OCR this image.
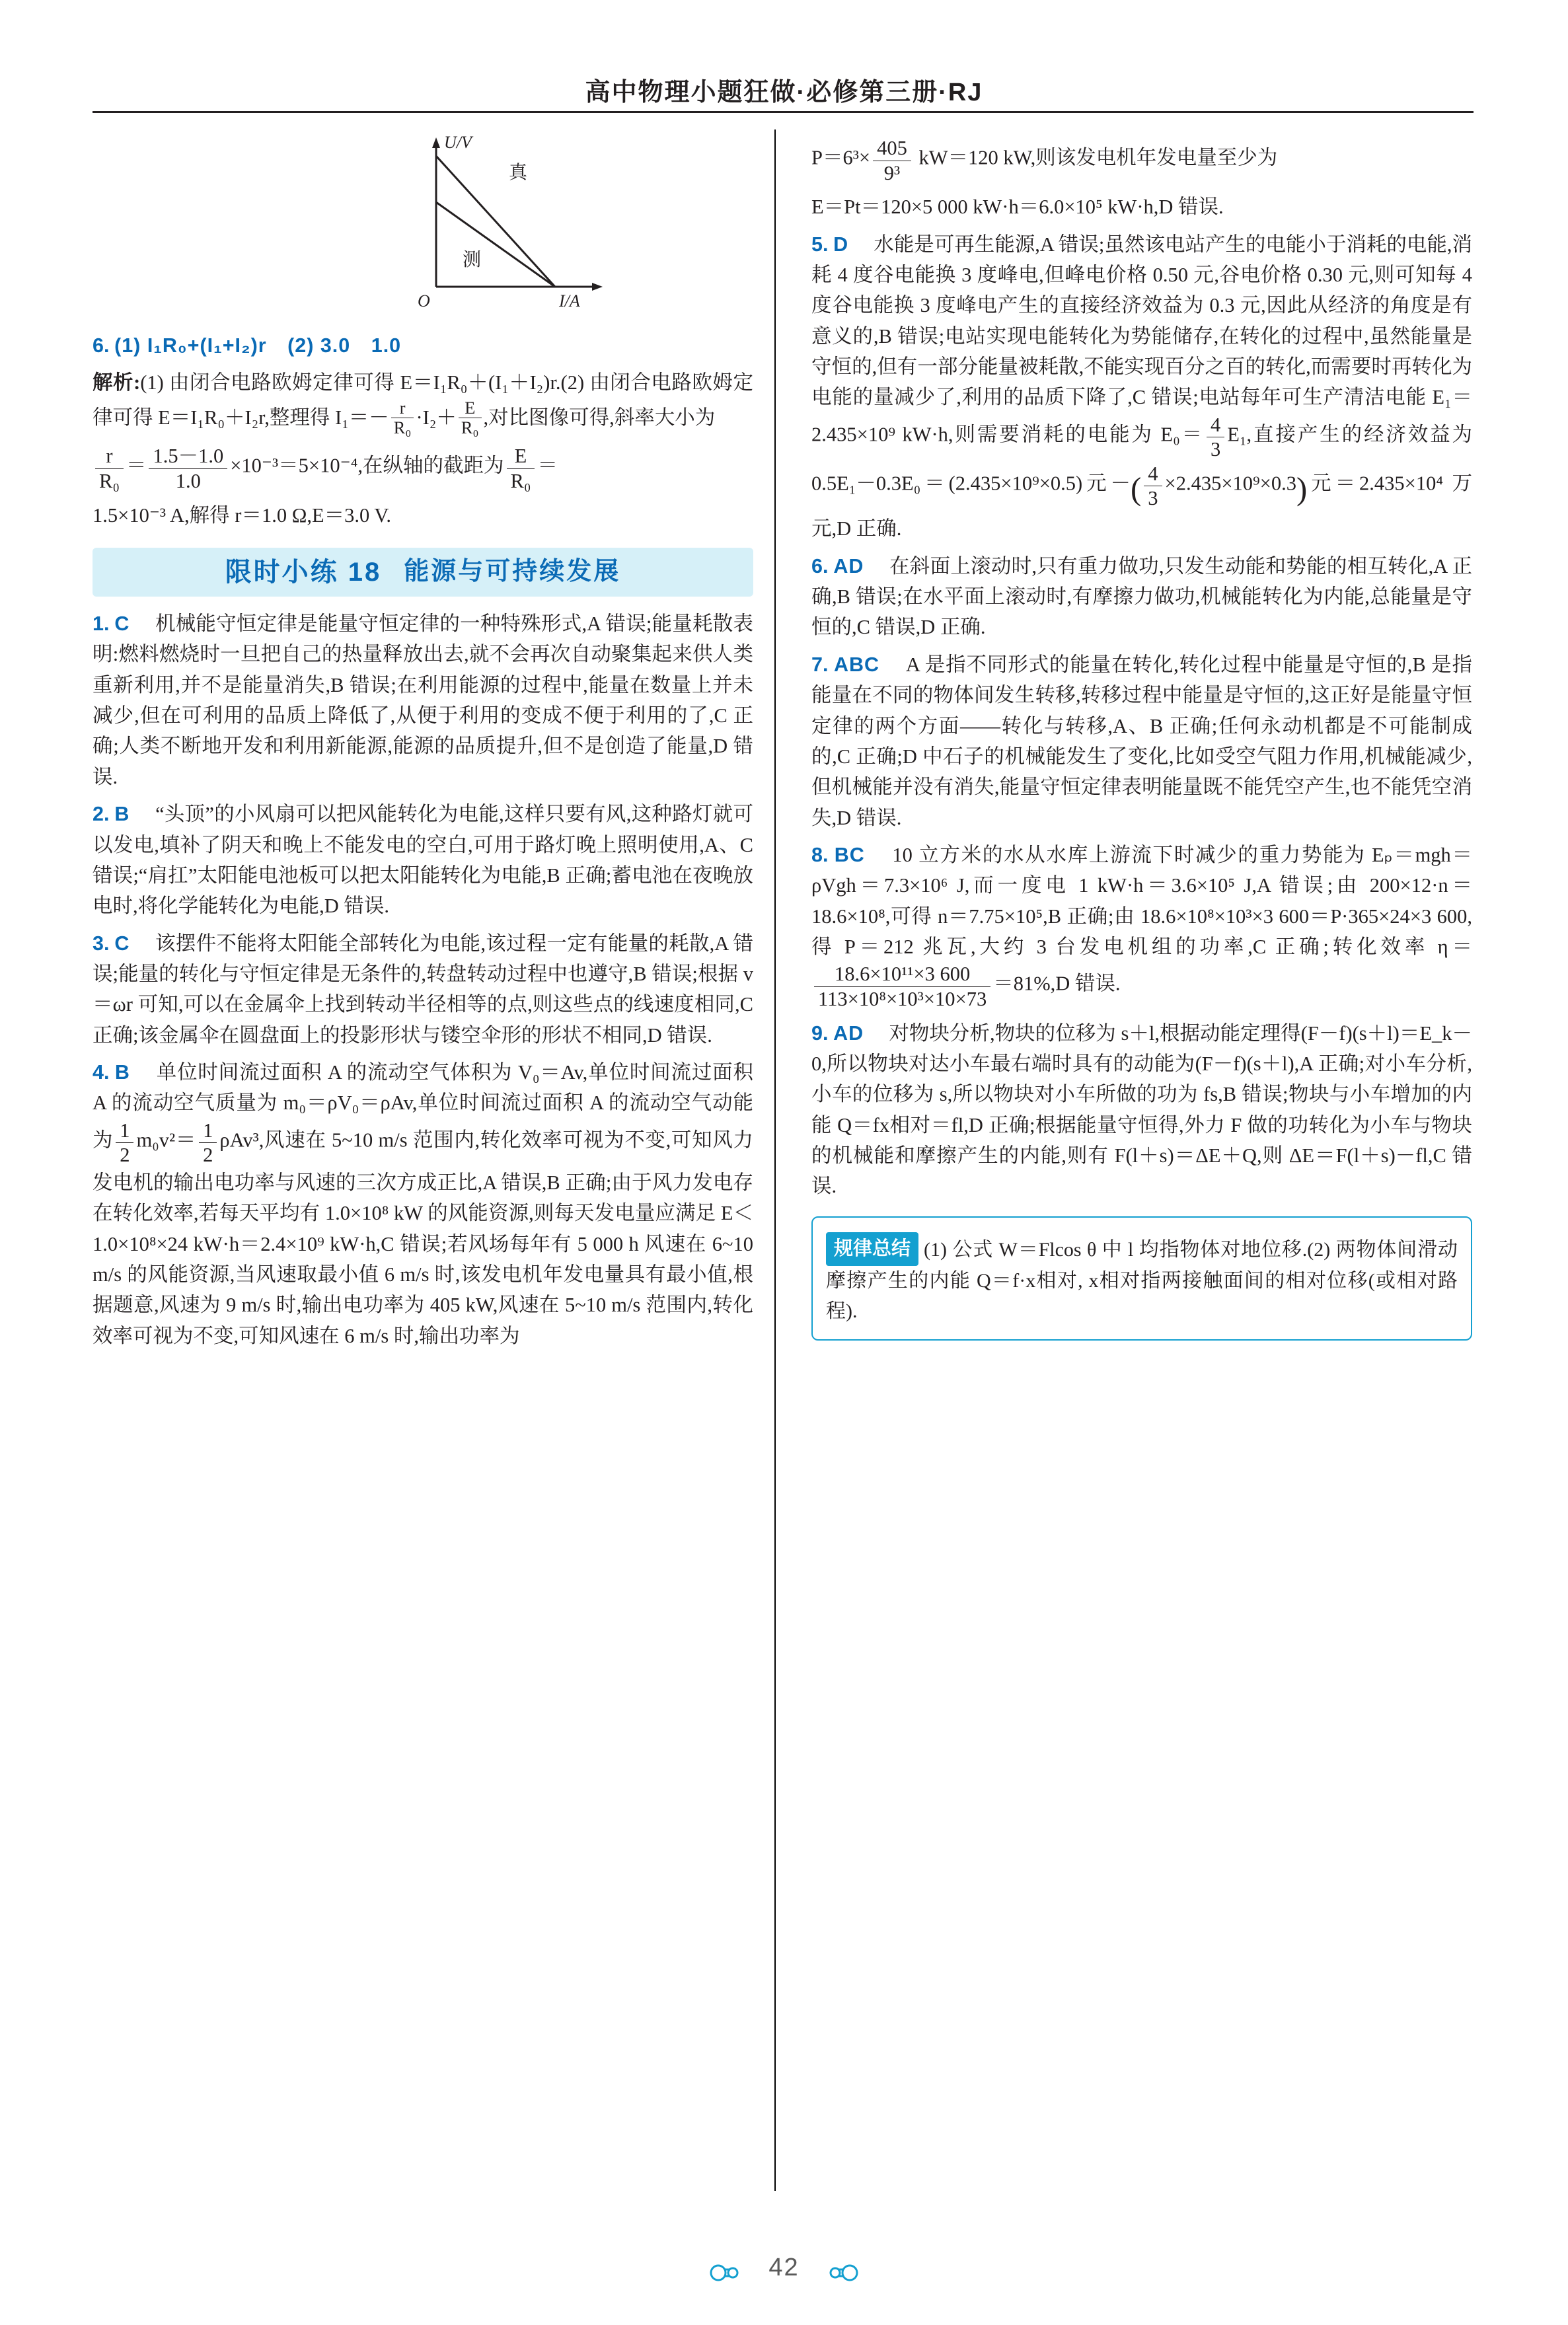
高中物理小题狂做·必修第三册·RJ
U/V
真
测
O	I/A

6. (1) I₁R₀+(I₁+I₂)r　(2) 3.0　1.0

解析:(1) 由闭合电路欧姆定律可得 E＝I₁R₀＋(I₁＋I₂)r.(2) 由闭合电路欧姆定律可得 E＝I₁R₀＋I₂r,整理得 $I_1=- \frac{r}{\text{R₀}} \cdot I_2+ \frac{E}{\text{R₀}}$ ,对比图像可得,斜率大小为

$\frac{r}{\text{R₀}} = \frac{1.5-1.0}{1.0} \times 10^{-3}=5\times 10^{-4}$,在纵轴的截距为 $\frac{E}{\text{R₀}}$ ＝

1.5×10⁻³ A,解得 r＝1.0 Ω,E＝3.0 V.

限时小练 18 能源与可持续发展

1. C 　 机械能守恒定律是能量守恒定律的一种特殊形式,A 错误;能量耗散表明:燃料燃烧时一旦把自己的热量释放出去,就不会再次自动聚集起来供人类重新利用,并不是能量消失,B 错误;在利用能源的过程中,能量在数量上并未减少,但在可利用的品质上降低了,从便于利用的变成不便于利用的了,C 正确;人类不断地开发和利用新能源,能源的品质提升,但不是创造了能量,D 错误.

2. B 　 “头顶”的小风扇可以把风能转化为电能,这样只要有风,这种路灯就可以发电,填补了阴天和晚上不能发电的空白,可用于路灯晚上照明使用,A、C 错误;“肩扛”太阳能电池板可以把太阳能转化为电能,B 正确;蓄电池在夜晚放电时,将化学能转化为电能,D 错误.

3. C 　 该摆件不能将太阳能全部转化为电能,该过程一定有能量的耗散,A 错误;能量的转化与守恒定律是无条件的,转盘转动过程中也遵守,B 错误;根据 v＝ωr 可知,可以在金属伞上找到转动半径相等的点,则这些点的线速度相同,C 正确;该金属伞在圆盘面上的投影形状与镂空伞形的形状不相同,D 错误.

4. B 　 单位时间流过面积 A 的流动空气体积为 V₀＝Av,单位时间流过面积 A 的流动空气质量为 m₀＝ρV₀＝ρAv,单位时间流过面积 A 的流动空气动能为 $\frac{1}{2} m_0v^2= \frac{1}{2} \rho Av^3$,风速在 5~10 m/s 范围内,转化效率可视为不变,可知风力发电机的输出电功率与风速的三次方成正比,A 错误,B 正确;由于风力发电存在转化效率,若每天平均有 1.0×10⁸ kW 的风能资源,则每天发电量应满足 E＜1.0×10⁸×24 kW·h＝2.4×10⁹ kW·h,C 错误;若风场每年有 5 000 h 风速在 6~10 m/s 的风能资源,当风速取最小值 6 m/s 时,该发电机年发电量具有最小值,根据题意,风速为 9 m/s 时,输出电功率为 405 kW,风速在 5~10 m/s 范围内,转化效率可视为不变,可知风速在 6 m/s 时,输出功率为

$P=6^3\times \frac{405}{\text{9³}} kW=120$ kW,则该发电机年发电量至少为

E＝Pt＝120×5 000 kW·h＝6.0×10⁵ kW·h,D 错误.

5. D 　 水能是可再生能源,A 错误;虽然该电站产生的电能小于消耗的电能,消耗 4 度谷电能换 3 度峰电,但峰电价格 0.50 元,谷电价格 0.30 元,则可知每 4 度谷电能换 3 度峰电产生的直接经济效益为 0.3 元,因此从经济的角度是有意义的,B 错误;电站实现电能转化为势能储存,在转化的过程中,虽然能量是守恒的,但有一部分能量被耗散,不能实现百分之百的转化,而需要时再转化为电能的量减少了,利用的品质下降了,C 错误;电站每年可生产清洁电能 E₁＝2.435×10⁹ kW·h,则需要消耗的电能为 $E_0= \frac{4}{3} E_1$,直接产生的经济效益为 0.5E₁－0.3E₀＝(2.435×10⁹×0.5)元－( $\frac{4}{3} \times 2.435\times 10^9\times 0.3$)元＝2.435×10⁴ 万元,D 正确.

6. AD 　 在斜面上滚动时,只有重力做功,只发生动能和势能的相互转化,A 正确,B 错误;在水平面上滚动时,有摩擦力做功,机械能转化为内能,总能量是守恒的,C 错误,D 正确.

7. ABC 　 A 是指不同形式的能量在转化,转化过程中能量是守恒的,B 是指能量在不同的物体间发生转移,转移过程中能量是守恒的,这正好是能量守恒定律的两个方面——转化与转移,A、B 正确;任何永动机都是不可能制成的,C 正确;D 中石子的机械能发生了变化,比如受空气阻力作用,机械能减少,但机械能并没有消失,能量守恒定律表明能量既不能凭空产生,也不能凭空消失,D 错误.

8. BC 　 10 立方米的水从水库上游流下时减少的重力势能为 Eₚ＝mgh＝ρVgh＝7.3×10⁶ J,而一度电 1 kW·h＝3.6×10⁵ J,A 错误;由 200×12·n＝18.6×10⁸,可得 n＝7.75×10⁵,B 正确;由 18.6×10⁸×10³×3 600＝P·365×24×3 600,得 P＝212 兆瓦,大约 3 台发电机组的功率,C 正确;转化效率 η＝
$\frac{\text{18.6×10¹¹×3 600}}{\text{113×10⁸×10³×10×73}} =81\%,D$ 错误.

9. AD 　 对物块分析,物块的位移为 s＋l,根据动能定理得(F－f)(s＋l)＝E_k－0,所以物块对达小车最右端时具有的动能为(F－f)(s＋l),A 正确;对小车分析,小车的位移为 s,所以物块对小车所做的功为 fs,B 错误;物块与小车增加的内能 Q＝fx相对＝fl,D 正确;根据能量守恒得,外力 F 做的功转化为小车与物块的机械能和摩擦产生的内能,则有 F(l＋s)＝ΔE＋Q,则 ΔE＝F(l＋s)－fl,C 错误.

规律总结 (1) 公式 W＝Flcos θ 中 l 均指物体对地位移.(2) 两物体间滑动摩擦产生的内能 Q＝f·x相对, x相对指两接触面间的相对位移(或相对路程).
42
